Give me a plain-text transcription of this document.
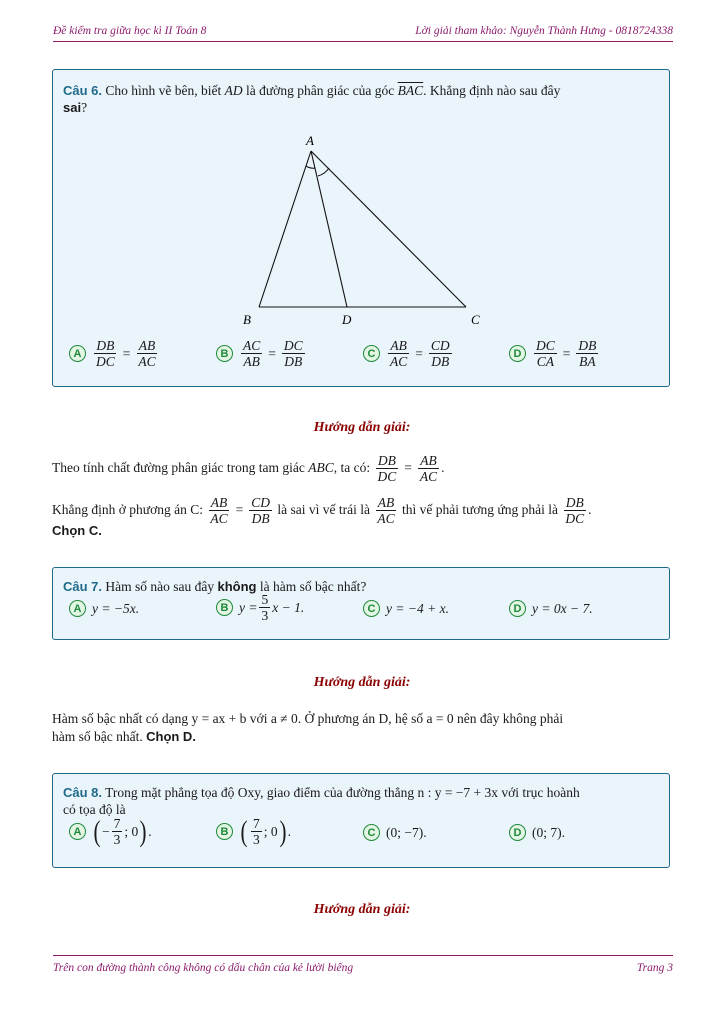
Đề kiểm tra giữa học kì II Toán 8	Lời giải tham khảo: Nguyễn Thành Hưng - 0818724338
Câu 6. Cho hình vẽ bên, biết AD là đường phân giác của góc $\overline{BAC}$. Khẳng định nào sau đây
sai?
A
B	D	C
A $\frac{DB}{DC} = \frac{AB}{AC}$	B $\frac{AC}{AB} = \frac{DC}{DB}$	C $\frac{AB}{AC} = \frac{CD}{DB}$	D $\frac{DC}{CA} = \frac{DB}{BA}$
Hướng dẫn giải:
Theo tính chất đường phân giác trong tam giác
ABC , ta có:
$\frac{DB}{DC} = \frac{AB}{AC}$ .
Khẳng định ở phương án C:
$\frac{AB}{AC} = \frac{CD}{DB}$
là sai vì vế trái là
$\frac{AB}{AC}$
thì vế phải tương ứng phải là
$\frac{DB}{DC}$ .
Chọn C.
Câu 7. Hàm số nào sau đây không là hàm số bậc nhất?
A y = −5x.	B $y = \frac{5}{3}$ x − 1.	C y = −4 + x.	D y = 0x − 7.
Hướng dẫn giải:
Hàm số bậc nhất có dạng y = ax + b với a ≠ 0. Ở phương án D, hệ số a = 0 nên đây không phải
hàm số bậc nhất. Chọn D.
Câu 8. Trong mặt phẳng tọa độ Oxy, giao điểm của đường thẳng n : y = −7 + 3x với trục hoành
có tọa độ là
A ( − $\frac{7}{3}$ ; 0 ) .	B ( $\frac{7}{3}$ ; 0 ) .	C (0; −7).	D (0; 7).
Hướng dẫn giải:
Trên con đường thành công không có dấu chân của kẻ lười biếng	Trang 3
